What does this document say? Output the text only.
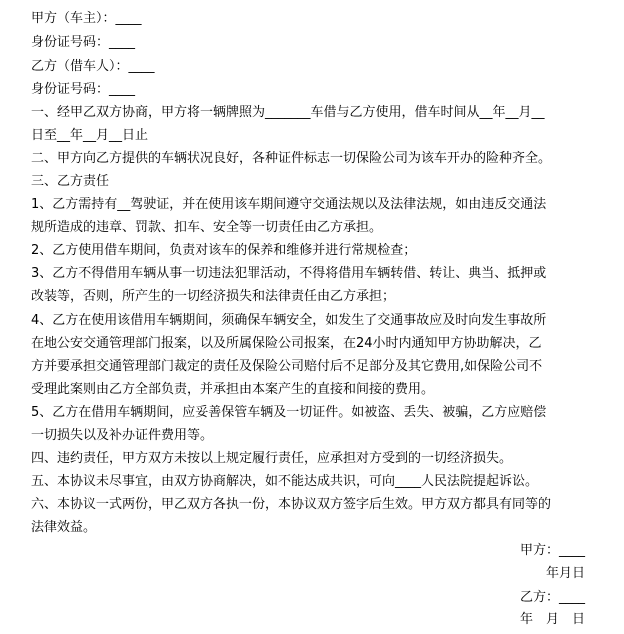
甲方（车主）：____
身份证号码：____
乙方（借车人）：____
身份证号码：____
一、经甲乙双方协商，甲方将一辆牌照为_______车借与乙方使用，借车时间从__年__月__
日至__年__月__日止
二、甲方向乙方提供的车辆状况良好，各种证件标志一切保险公司为该车开办的险种齐全。
三、乙方责任
1、乙方需持有__驾驶证，并在使用该车期间遵守交通法规以及法律法规，如由违反交通法
规所造成的违章、罚款、扣车、安全等一切责任由乙方承担。
2、乙方使用借车期间，负责对该车的保养和维修并进行常规检查；
3、乙方不得借用车辆从事一切违法犯罪活动，不得将借用车辆转借、转让、典当、抵押或
改装等，否则，所产生的一切经济损失和法律责任由乙方承担；
4、乙方在使用该借用车辆期间，须确保车辆安全，如发生了交通事故应及时向发生事故所
在地公安交通管理部门报案，以及所属保险公司报案，在24小时内通知甲方协助解决，乙
方并要承担交通管理部门裁定的责任及保险公司赔付后不足部分及其它费用,如保险公司不
受理此案则由乙方全部负责，并承担由本案产生的直接和间接的费用。
5、乙方在借用车辆期间，应妥善保管车辆及一切证件。如被盗、丢失、被骗，乙方应赔偿
一切损失以及补办证件费用等。
四、违约责任，甲方双方未按以上规定履行责任，应承担对方受到的一切经济损失。
五、本协议未尽事宜，由双方协商解决，如不能达成共识，可向____人民法院提起诉讼。
六、本协议一式两份，甲乙双方各执一份，本协议双方签字后生效。甲方双方都具有同等的
法律效益。
甲方：____
年月日
乙方：____
年　月　日
